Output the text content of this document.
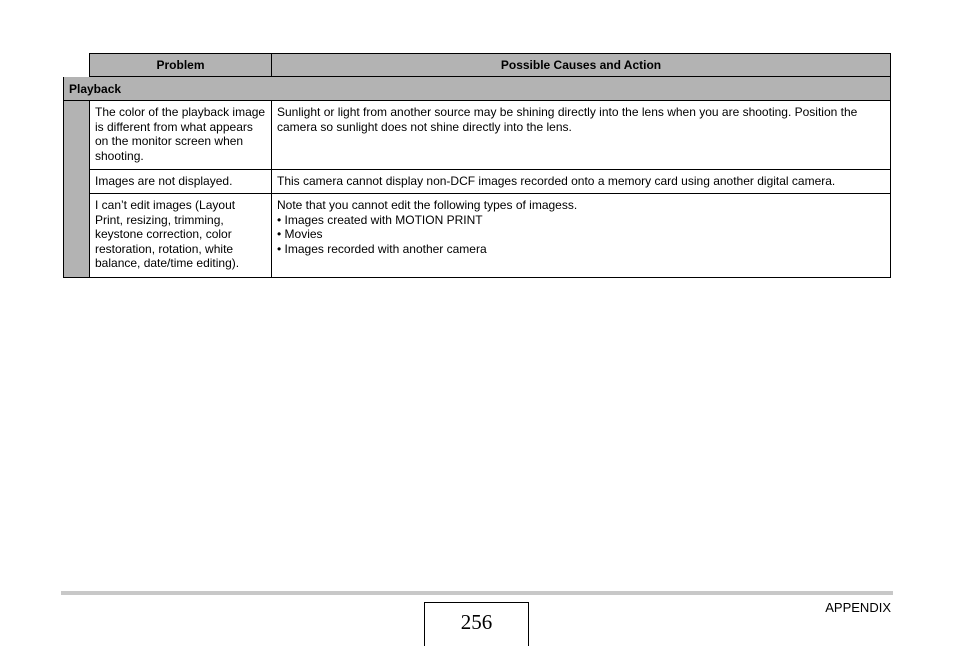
Problem	Possible Causes and Action
Playback
The color of the playback image is different from what appears on the monitor screen when shooting.
Sunlight or light from another source may be shining directly into the lens when you are shooting. Position the camera so sunlight does not shine directly into the lens.
Images are not displayed.	This camera cannot display non-DCF images recorded onto a memory card using another digital camera.
I can’t edit images (Layout Print, resizing, trimming, keystone correction, color restoration, rotation, white balance, date/time editing).
Note that you cannot edit the following types of imagess.
• Images created with MOTION PRINT
• Movies
• Images recorded with another camera
256
APPENDIX
